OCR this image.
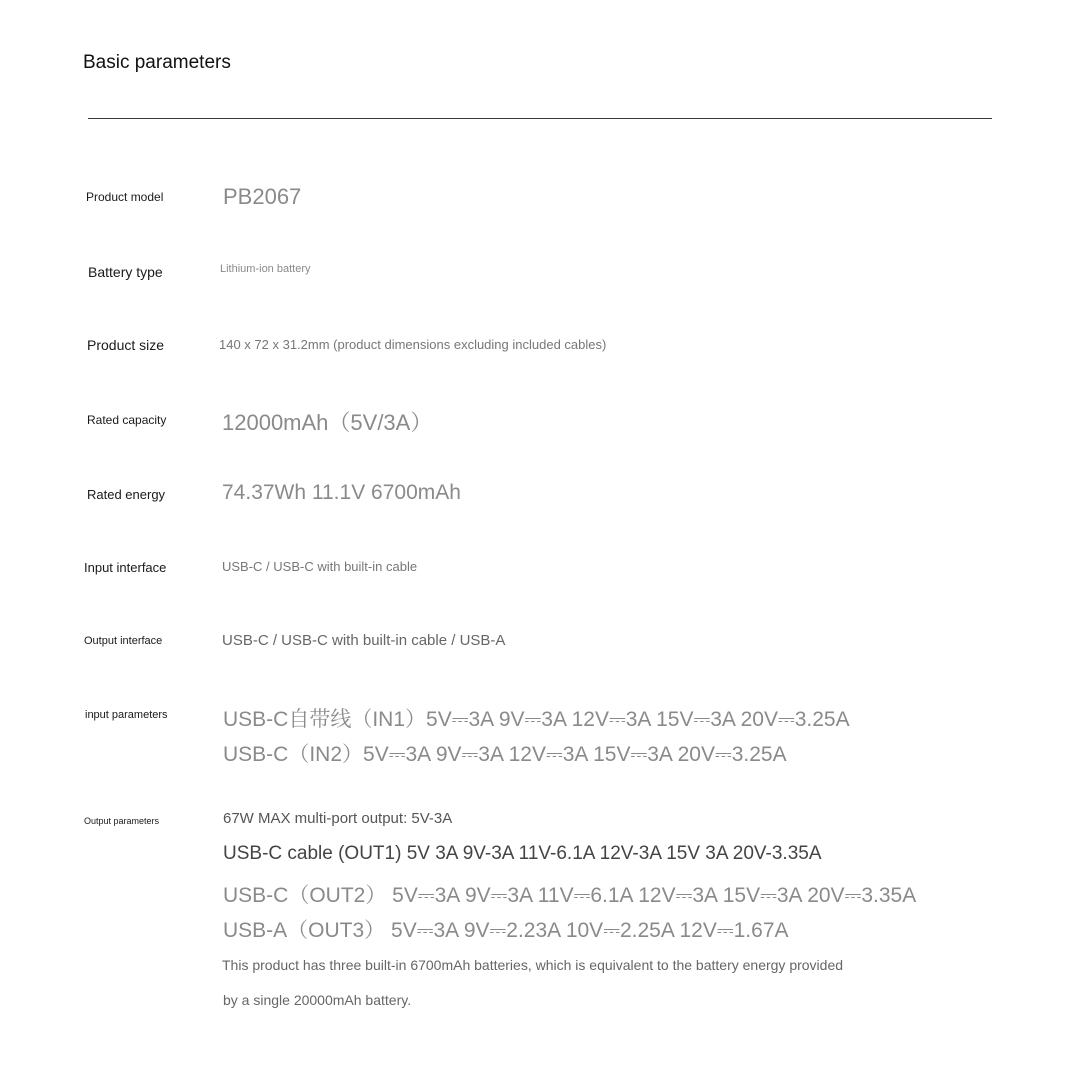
Basic parameters
Product model	PB2067
Battery type	Lithium-ion battery
Product size	140 x 72 x 31.2mm (product dimensions excluding included cables)
Rated capacity	12000mAh（5V/3A）
Rated energy	74.37Wh 11.1V 6700mAh
Input interface	USB-C / USB-C with built-in cable
Output interface	USB-C / USB-C with built-in cable / USB-A
input parameters	USB-C自带线（IN1）5V⎓3A 9V⎓3A 12V⎓3A 15V⎓3A 20V⎓3.25A
USB-C（IN2）5V⎓3A 9V⎓3A 12V⎓3A 15V⎓3A 20V⎓3.25A
Output parameters	67W MAX multi-port output: 5V-3A
USB-C cable (OUT1) 5V 3A 9V-3A 11V-6.1A 12V-3A 15V 3A 20V-3.35A
USB-C（OUT2） 5V⎓3A 9V⎓3A 11V⎓6.1A 12V⎓3A 15V⎓3A 20V⎓3.35A
USB-A（OUT3） 5V⎓3A 9V⎓2.23A 10V⎓2.25A 12V⎓1.67A
This product has three built-in 6700mAh batteries, which is equivalent to the battery energy provided
by a single 20000mAh battery.
